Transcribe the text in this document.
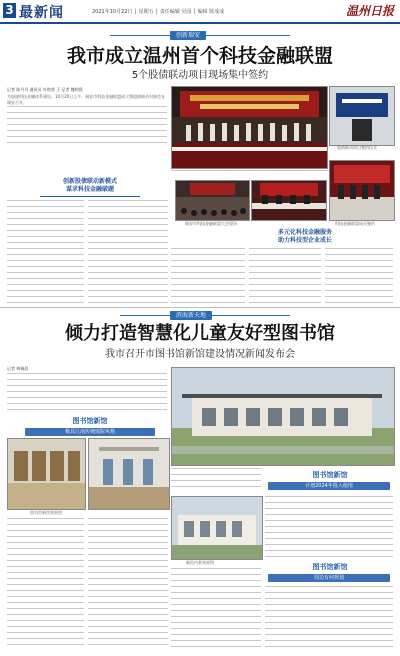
3 最新闻	2021年10月22日 │ 星期五 │ 责任编辑 吴园 │ 编辑 陈成成	温州日报
创新瑞安
我市成立温州首个科技金融联盟
5个股债联动项目现场集中签约
记者 陈丹丹 通讯员 叶悦欣 王 记者 魏则强
为加速科技金融体系建设，10月20日上午，瑞安市科技金融联盟成立暨股债联动对接会在瑞安召开。
股债联动项目签约仪式
创新股债联动新模式
谋求科技金融破题
瑞安市科技金融联盟大会现场	科技金融联盟成员签约
多元化科技金融服务
助力科技型企业成长
滨海新天地
倾力打造智慧化儿童友好型图书馆
我市召开市图书馆新馆建设情况新闻发布会
记者 林瑞晨
图书馆新馆
极具江南传统庭院风格
图书馆新馆效果图
图书馆新馆
计划2024年投入使用
新馆内景效果图
图书馆新馆
周边有何规划
